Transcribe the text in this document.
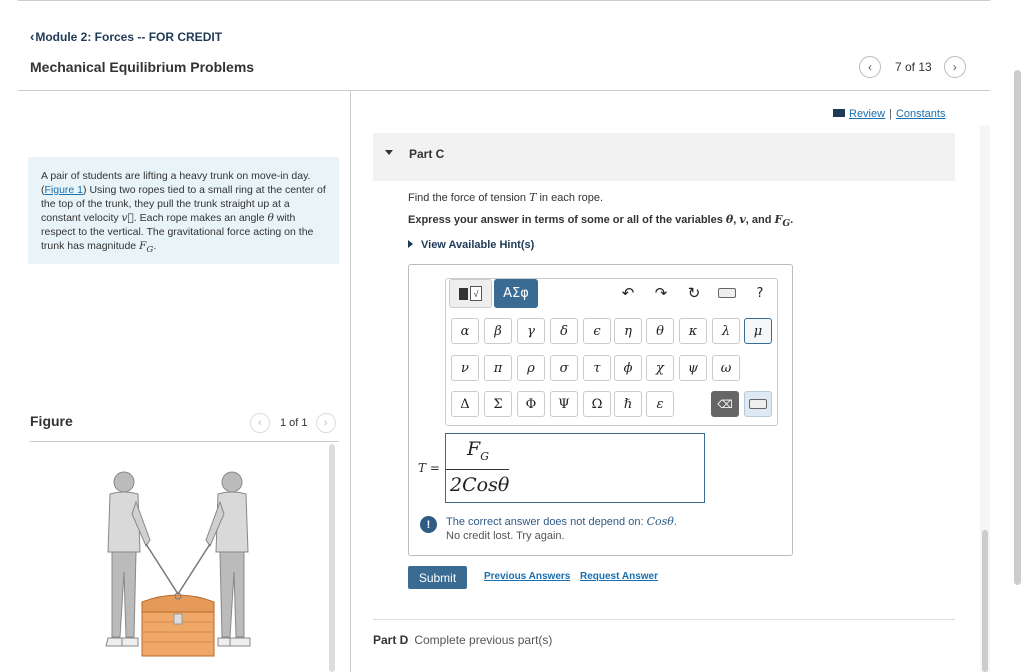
‹Module 2: Forces -- FOR CREDIT
Mechanical Equilibrium Problems	‹ 7 of 13 ›
Review | Constants
A pair of students are lifting a heavy trunk on move-in day. (Figure 1) Using two ropes tied to a small ring at the center of the top of the trunk, they pull the trunk straight up at a constant velocity v⃗. Each rope makes an angle θ with respect to the vertical. The gravitational force acting on the trunk has magnitude $F_G$.
Figure	‹ 1 of 1 ›
Part C
Find the force of tension T in each rope.
Express your answer in terms of some or all of the variables θ, v, and $F_G$.
View Available Hint(s)
√	ΑΣφ	↶ ↷ ↻	?
α	β	γ	δ	ϵ	η	θ	κ	λ	μ
ν	π	ρ	σ	τ	ϕ	χ	ψ	ω
Δ	Σ	Φ	Ψ	Ω	ℏ	ε	⌫
T =
$F_G$
2Cosθ
!	The correct answer does not depend on: Cosθ.
No credit lost. Try again.
Submit	Previous Answers Request Answer
Part D Complete previous part(s)
